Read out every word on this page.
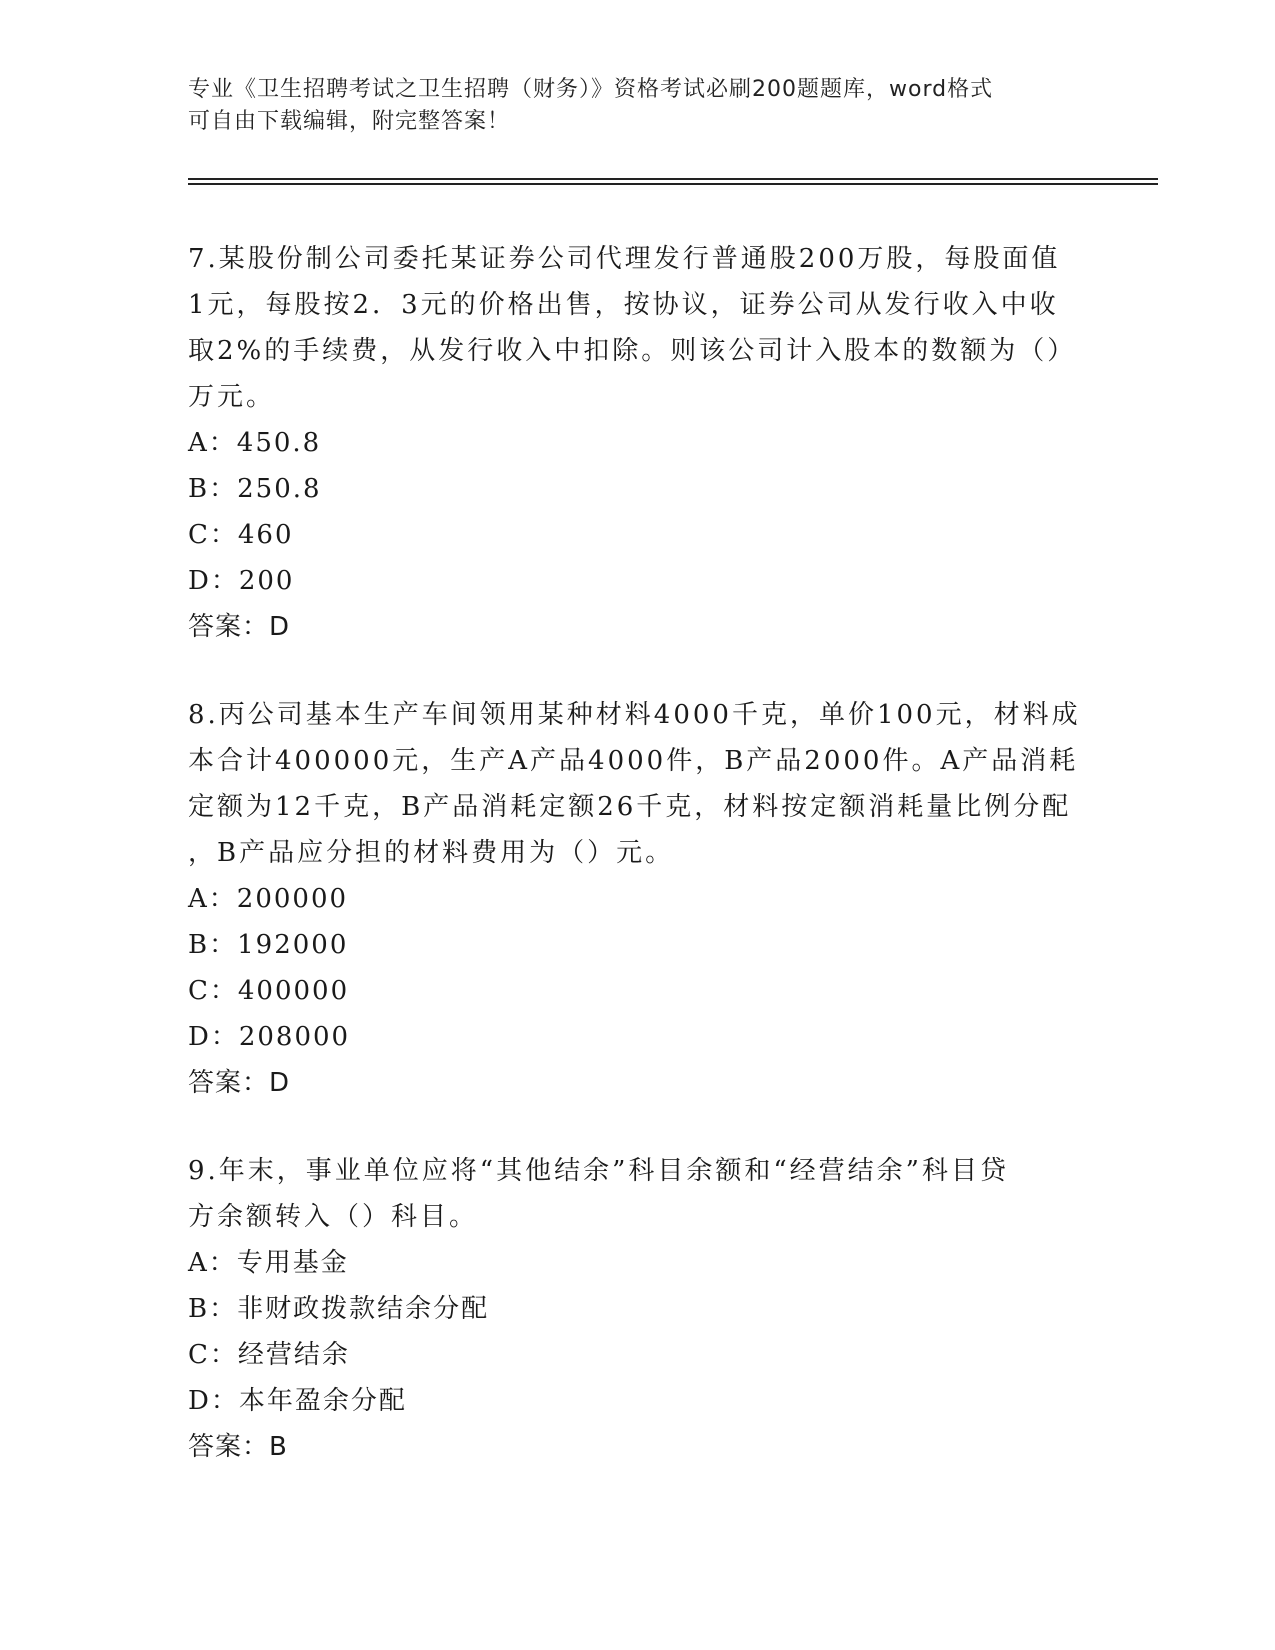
专业《卫生招聘考试之卫生招聘（财务）》资格考试必刷200题题库，word格式
可自由下载编辑，附完整答案！
7.某股份制公司委托某证券公司代理发行普通股200万股，每股面值
1元，每股按2．3元的价格出售，按协议，证券公司从发行收入中收
取2%的手续费，从发行收入中扣除。则该公司计入股本的数额为（）
万元。
A：450.8
B：250.8
C：460
D：200
答案：D
8.丙公司基本生产车间领用某种材料4000千克，单价100元，材料成
本合计400000元，生产A产品4000件，B产品2000件。A产品消耗
定额为12千克，B产品消耗定额26千克，材料按定额消耗量比例分配
，B产品应分担的材料费用为（）元。
A：200000
B：192000
C：400000
D：208000
答案：D
9.年末，事业单位应将“其他结余”科目余额和“经营结余”科目贷
方余额转入（）科目。
A：专用基金
B：非财政拨款结余分配
C：经营结余
D：本年盈余分配
答案：B
